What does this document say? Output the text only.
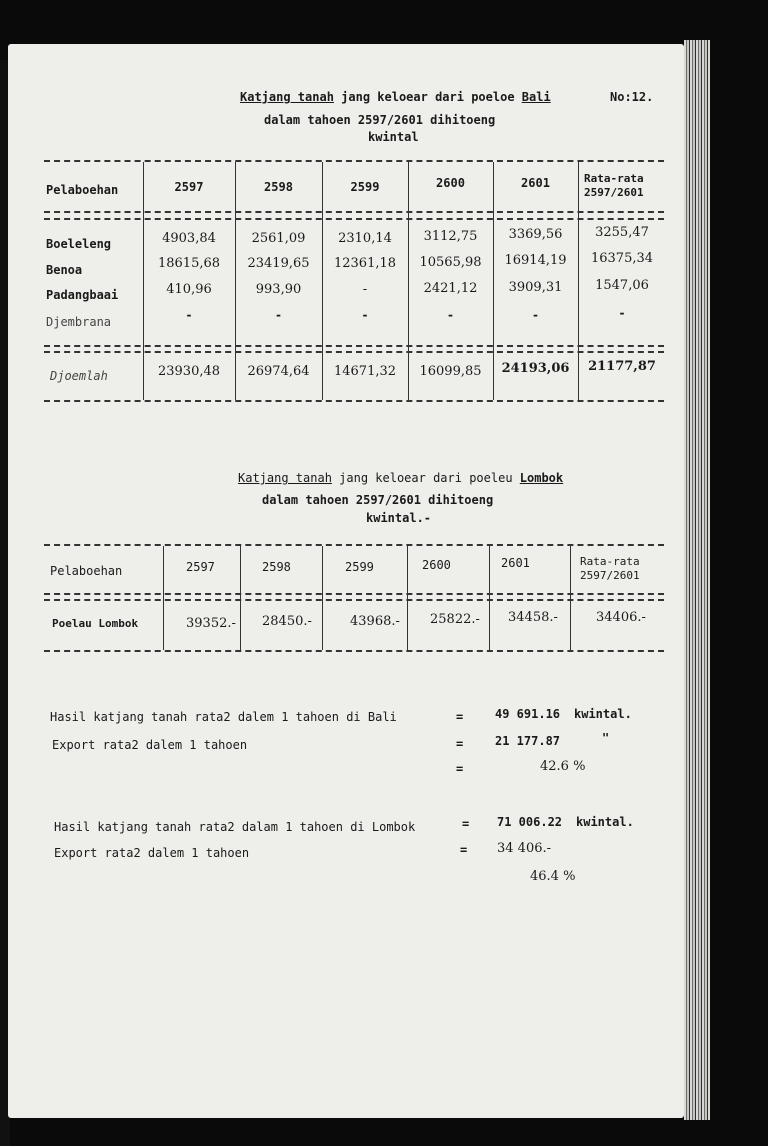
Katjang tanah jang keloear dari poeloe Bali	No:12.
dalam tahoen 2597/2601 dihitoeng
kwintal
Pelaboehan	2597	2598	2599	2600	2601	Rata-rata
2597/2601
Boeleleng	4903,84	2561,09	2310,14	3112,75	3369,56	3255,47
Benoa	18615,68	23419,65	12361,18	10565,98	16914,19	16375,34
Padangbaai	410,96	993,90	-	2421,12	3909,31	1547,06
Djembrana	-	-	-	-	-	-
Djoemlah	23930,48	26974,64	14671,32	16099,85	24193,06	21177,87
Katjang tanah jang keloear dari poeleu Lombok
dalam tahoen 2597/2601 dihitoeng
kwintal.-
Pelaboehan	2597	2598	2599	2600	2601	Rata-rata
2597/2601
Poelau Lombok	39352.- 28450.-	43968.- 25822.- 34458.-	34406.-
Hasil katjang tanah rata2 dalem 1 tahoen di Bali	=	49 691.16 kwintal.
Export rata2 dalem 1 tahoen	=	21 177.87	"
=	42.6 %
Hasil katjang tanah rata2 dalam 1 tahoen di Lombok	= 71 006.22 kwintal.
Export rata2 dalem 1 tahoen	= 34 406.-
46.4 %
